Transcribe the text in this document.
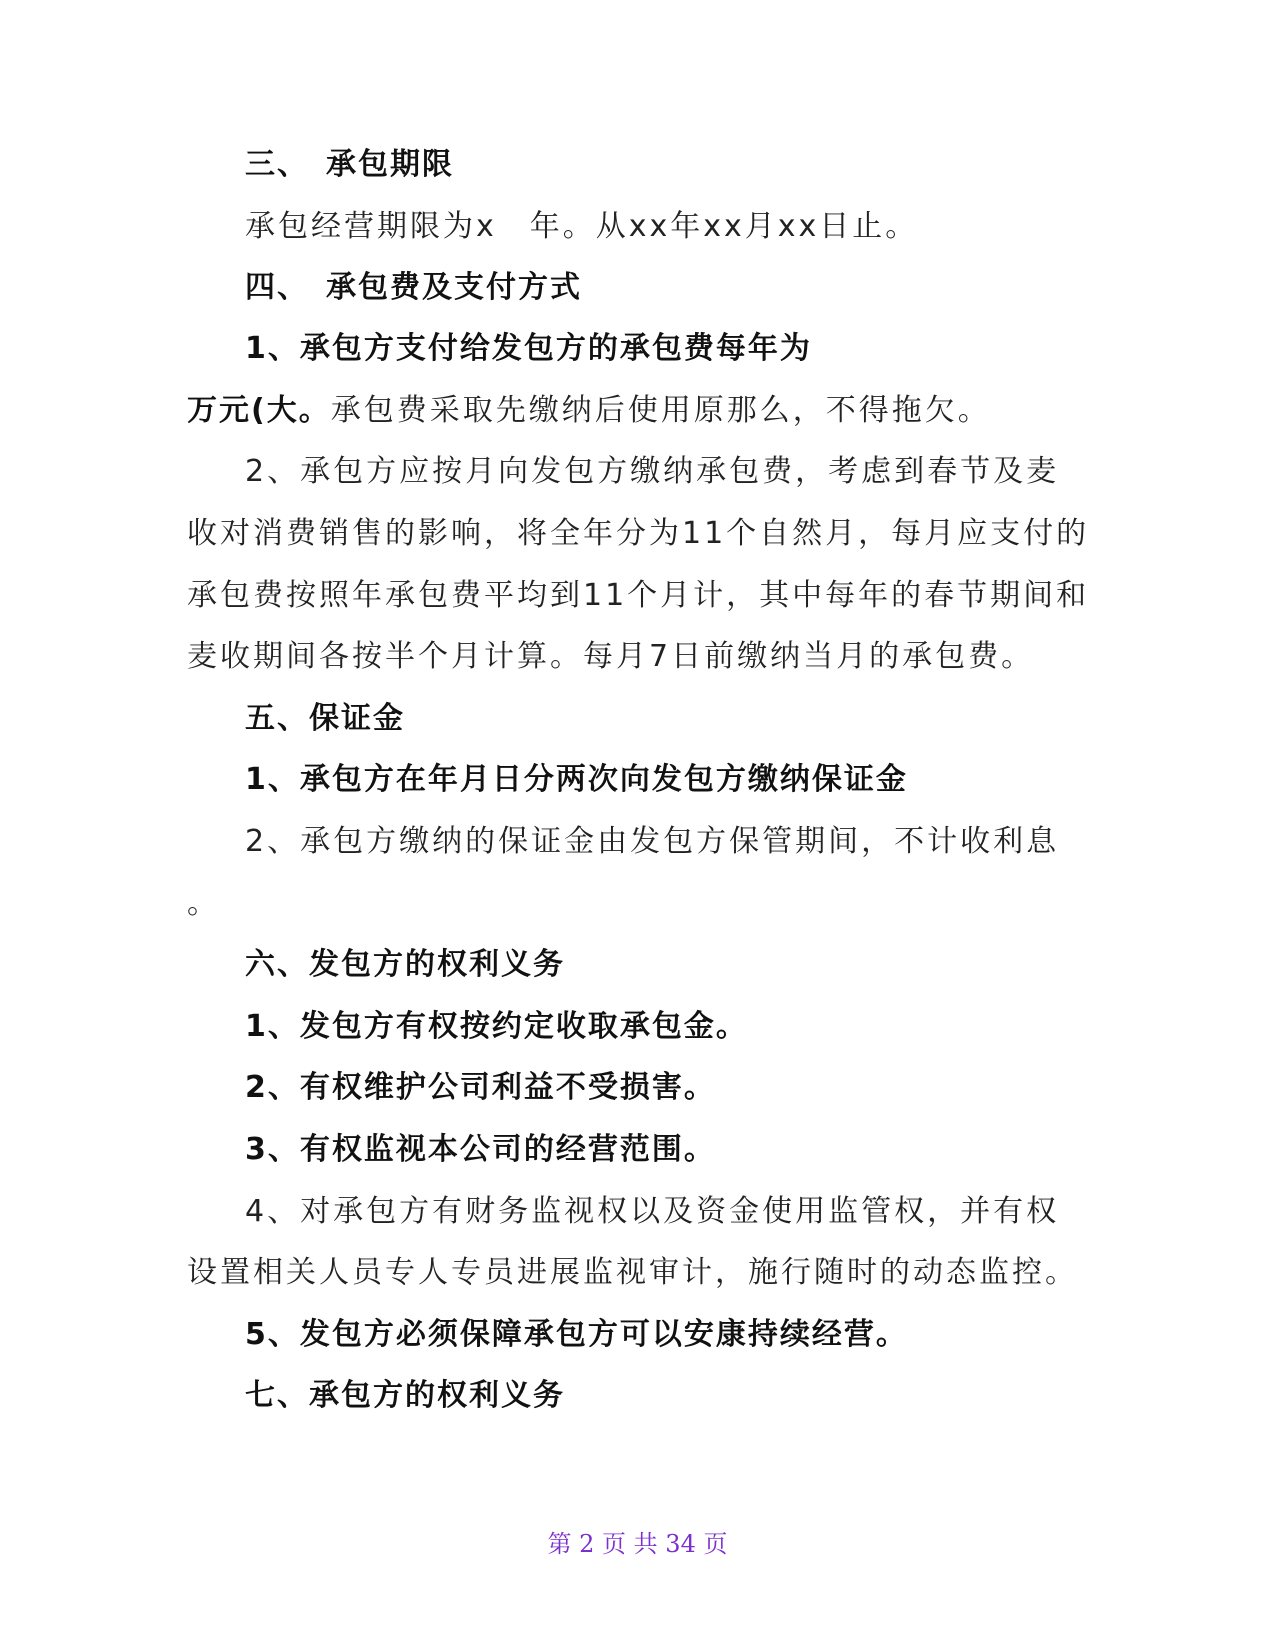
三、　承包期限
承包经营期限为x　年。从xx年xx月xx日止。
四、　承包费及支付方式
1、承包方支付给发包方的承包费每年为
万元(大。承包费采取先缴纳后使用原那么，不得拖欠。
2、承包方应按月向发包方缴纳承包费，考虑到春节及麦
收对消费销售的影响，将全年分为11个自然月，每月应支付的
承包费按照年承包费平均到11个月计，其中每年的春节期间和
麦收期间各按半个月计算。每月7日前缴纳当月的承包费。
五、保证金
1、承包方在年月日分两次向发包方缴纳保证金
2、承包方缴纳的保证金由发包方保管期间，不计收利息
。
六、发包方的权利义务
1、发包方有权按约定收取承包金。
2、有权维护公司利益不受损害。
3、有权监视本公司的经营范围。
4、对承包方有财务监视权以及资金使用监管权，并有权
设置相关人员专人专员进展监视审计，施行随时的动态监控。
5、发包方必须保障承包方可以安康持续经营。
七、承包方的权利义务
第 2 页 共 34 页
